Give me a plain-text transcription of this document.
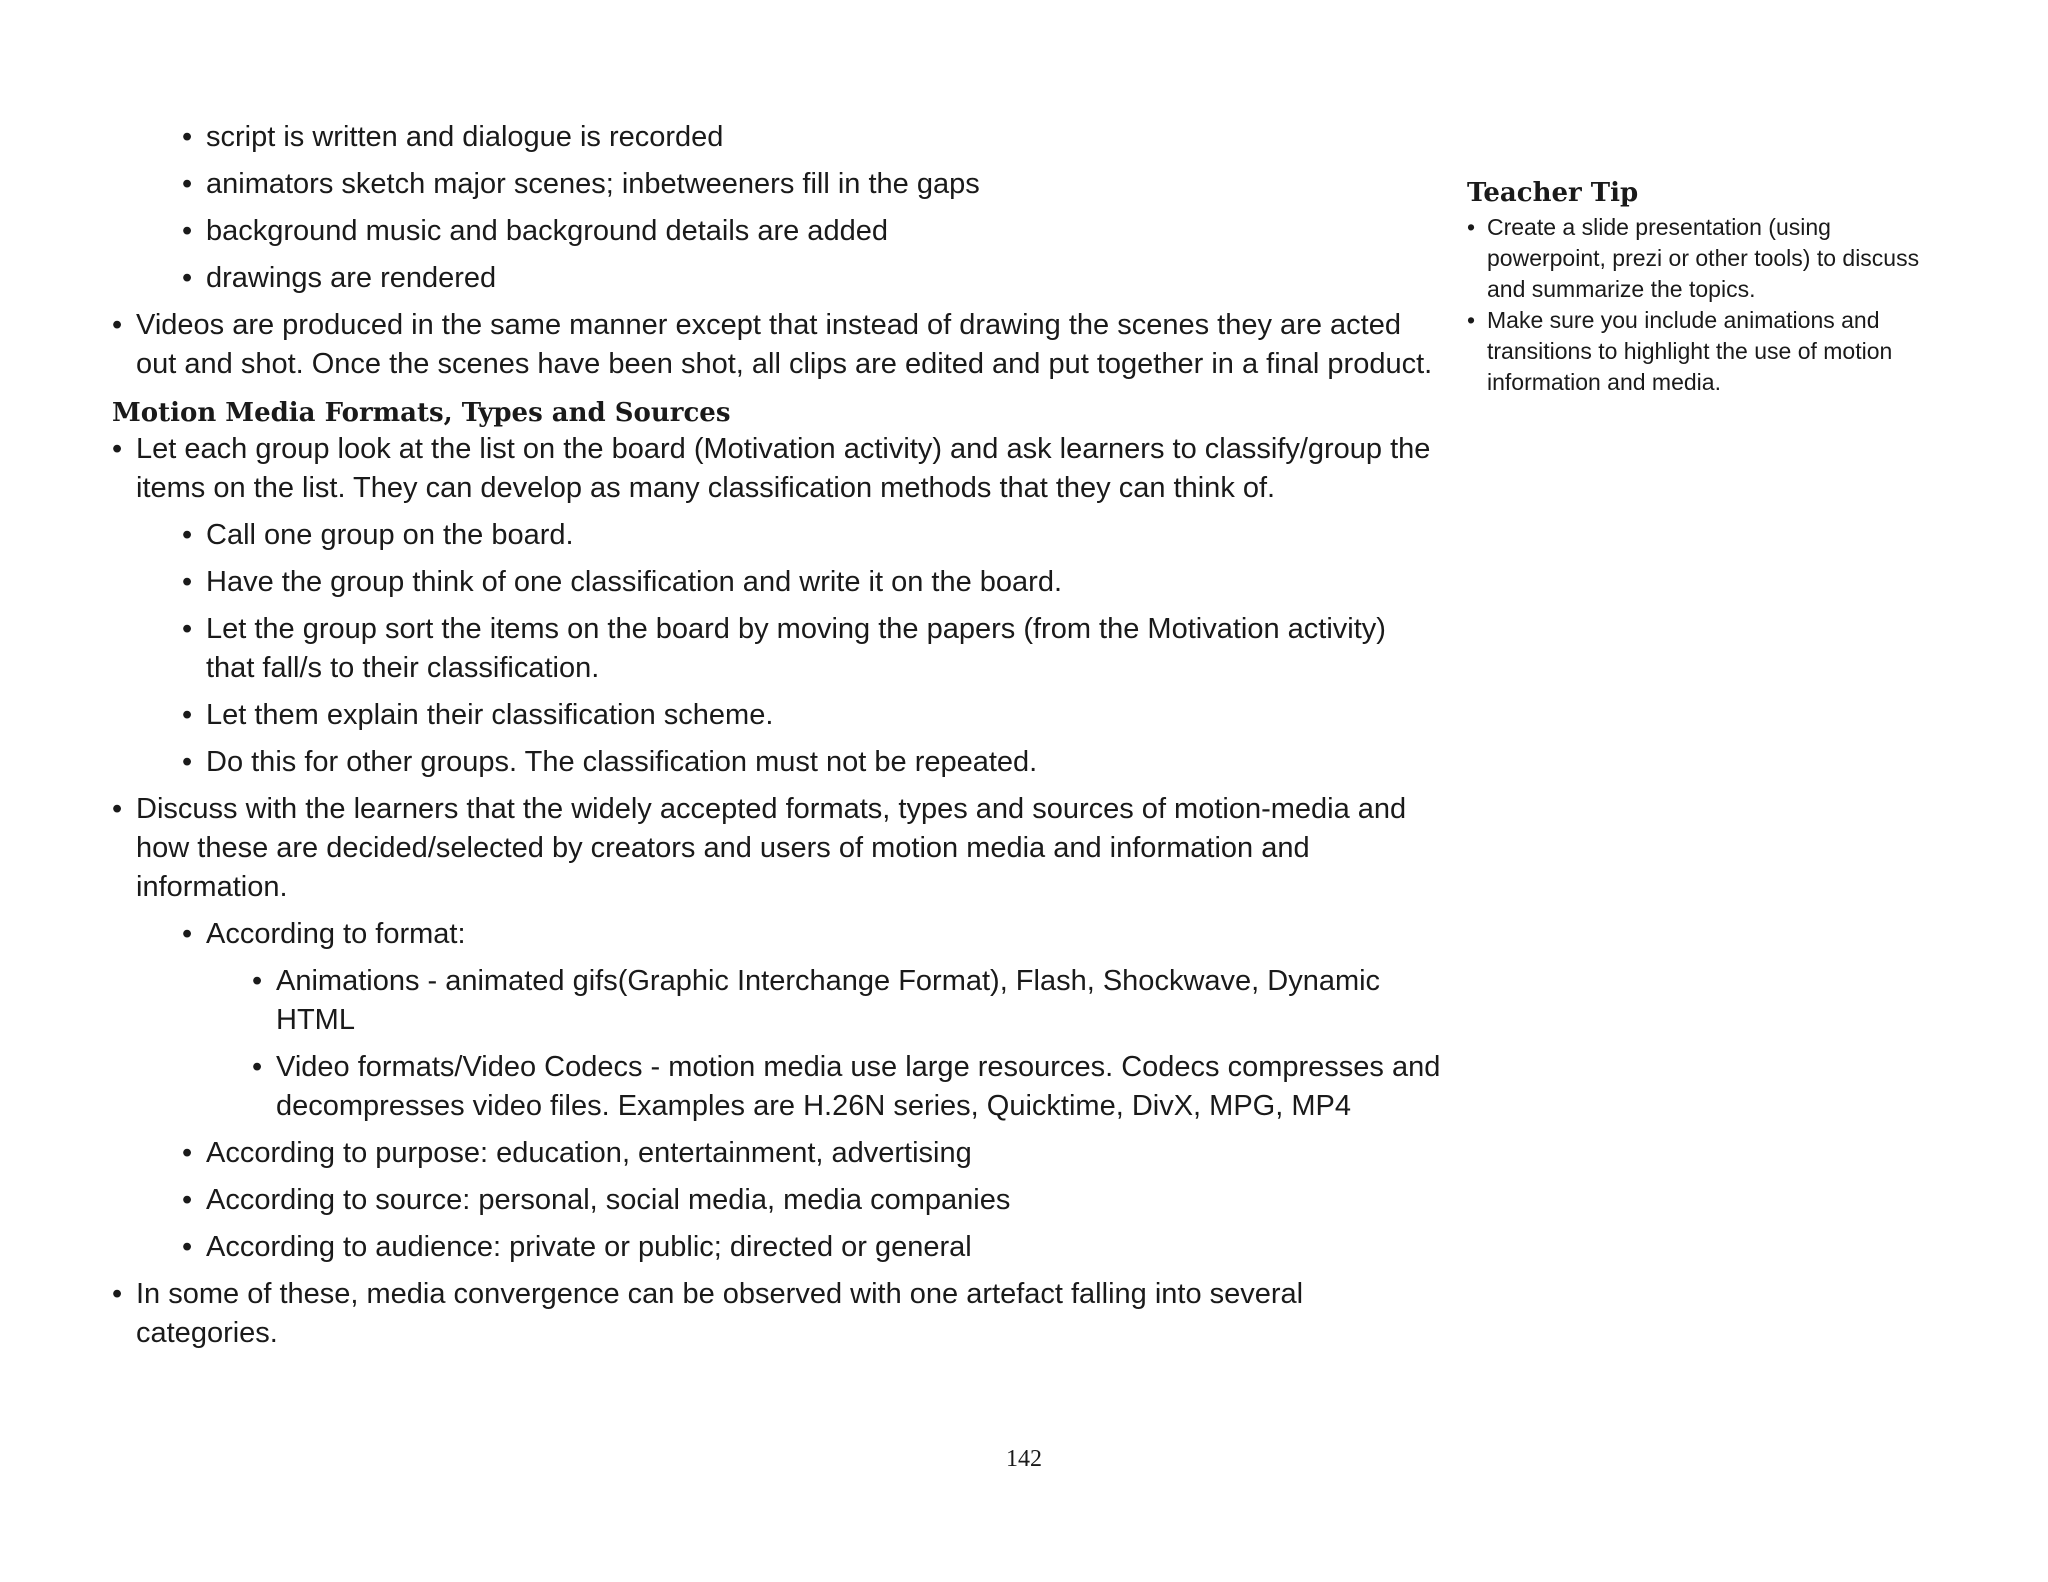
• script is written and dialogue is recorded
• animators sketch major scenes; inbetweeners fill in the gaps
• background music and background details are added
• drawings are rendered
• Videos are produced in the same manner except that instead of drawing the scenes they are acted out and shot. Once the scenes have been shot, all clips are edited and put together in a final product.
Motion Media Formats, Types and Sources
• Let each group look at the list on the board (Motivation activity) and ask learners to classify/group the items on the list. They can develop as many classification methods that they can think of.
• Call one group on the board.
• Have the group think of one classification and write it on the board.
• Let the group sort the items on the board by moving the papers (from the Motivation activity) that fall/s to their classification.
• Let them explain their classification scheme.
• Do this for other groups. The classification must not be repeated.
• Discuss with the learners that the widely accepted formats, types and sources of motion-media and how these are decided/selected by creators and users of motion media and information and information.
• According to format:
• Animations - animated gifs(Graphic Interchange Format), Flash, Shockwave, Dynamic HTML
• Video formats/Video Codecs - motion media use large resources. Codecs compresses and decompresses video files. Examples are H.26N series, Quicktime, DivX, MPG, MP4
• According to purpose: education, entertainment, advertising
• According to source: personal, social media, media companies
• According to audience: private or public; directed or general
• In some of these, media convergence can be observed with one artefact falling into several categories.
Teacher Tip
• Create a slide presentation (using powerpoint, prezi or other tools) to discuss and summarize the topics.
• Make sure you include animations and transitions to highlight the use of motion information and media.
142
